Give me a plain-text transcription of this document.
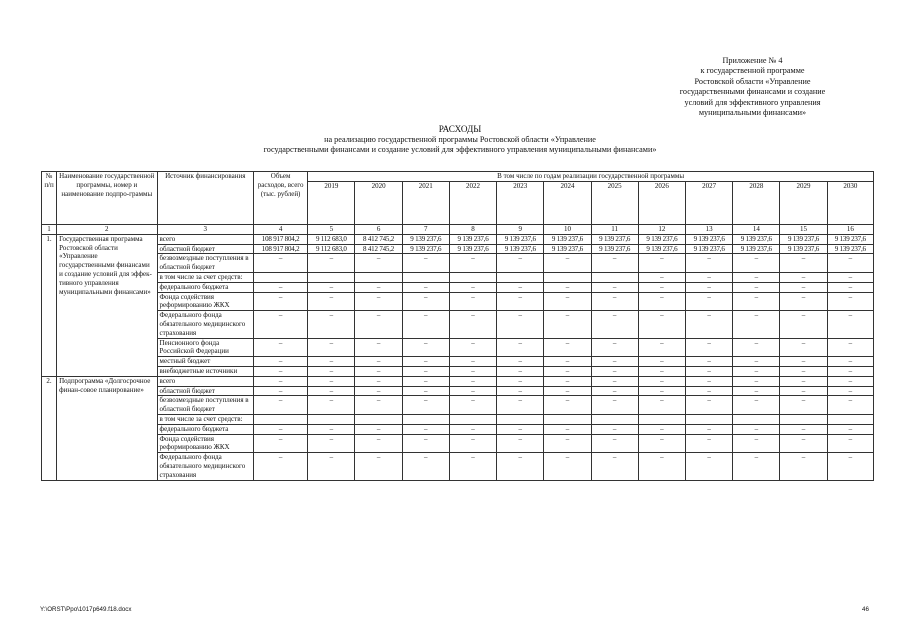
Приложение № 4
к государственной программе
Ростовской области «Управление
государственными финансами и создание
условий для эффективного управления
муниципальными финансами»
РАСХОДЫ
на реализацию государственной программы Ростовской области «Управление
государственными финансами и создание условий для эффективного управления муниципальными финансами»
№ п/п	Наименование государственной программы, номер и наименование подпро-граммы	Источник финансирования	Объем расходов, всего (тыс. рублей)	В том числе по годам реализации государственной программы											
				2019	2020	2021	2022	2023	2024	2025	2026	2027	2028	2029	2030
1	2	3	4	5	6	7	8	9	10	11	12	13	14	15	16
1.	Государственная программа Ростовской области «Управление государственными финансами и создание условий для эффек-тивного управления муниципальными финансами»	всего	108 917 804,2	9 112 683,0	8 412 745,2	9 139 237,6	9 139 237,6	9 139 237,6	9 139 237,6	9 139 237,6	9 139 237,6	9 139 237,6	9 139 237,6	9 139 237,6	9 139 237,6
		областной бюджет	108 917 804,2	9 112 683,0	8 412 745,2	9 139 237,6	9 139 237,6	9 139 237,6	9 139 237,6	9 139 237,6	9 139 237,6	9 139 237,6	9 139 237,6	9 139 237,6	9 139 237,6
		безвозмездные поступления в областной бюджет	–	–	–	–	–	–	–	–	–	–	–	–	–
		в том числе за счет средств:									–	–	–	–	–
		федерального бюджета	–	–	–	–	–	–	–	–	–	–	–	–	–
		Фонда содействия реформированию ЖКХ	–	–	–	–	–	–	–	–	–	–	–	–	–
		Федерального фонда обязательного медицинского страхования	–	–	–	–	–	–	–	–	–	–	–	–	–
		Пенсионного фонда Российской Федерации	–	–	–	–	–	–	–	–	–	–	–	–	–
		местный бюджет	–	–	–	–	–	–	–	–	–	–	–	–	–
		внебюджетные источники	–	–	–	–	–	–	–	–	–	–	–	–	–
2.	Подпрограмма «Долгосрочное финан-совое планирование»	всего	–	–	–	–	–	–	–	–	–	–	–	–	–
		областной бюджет	–	–	–	–	–	–	–	–	–	–	–	–	–
		безвозмездные поступления в областной бюджет	–	–	–	–	–	–	–	–	–	–	–	–	–
		в том числе за счет средств:													
		федерального бюджета	–	–	–	–	–	–	–	–	–	–	–	–	–
		Фонда содействия реформированию ЖКХ	–	–	–	–	–	–	–	–	–	–	–	–	–
		Федерального фонда обязательного медицинского страхования	–	–	–	–	–	–	–	–	–	–	–	–	–
Y:\ORST\Ppo\1017p649.f18.docx	46
